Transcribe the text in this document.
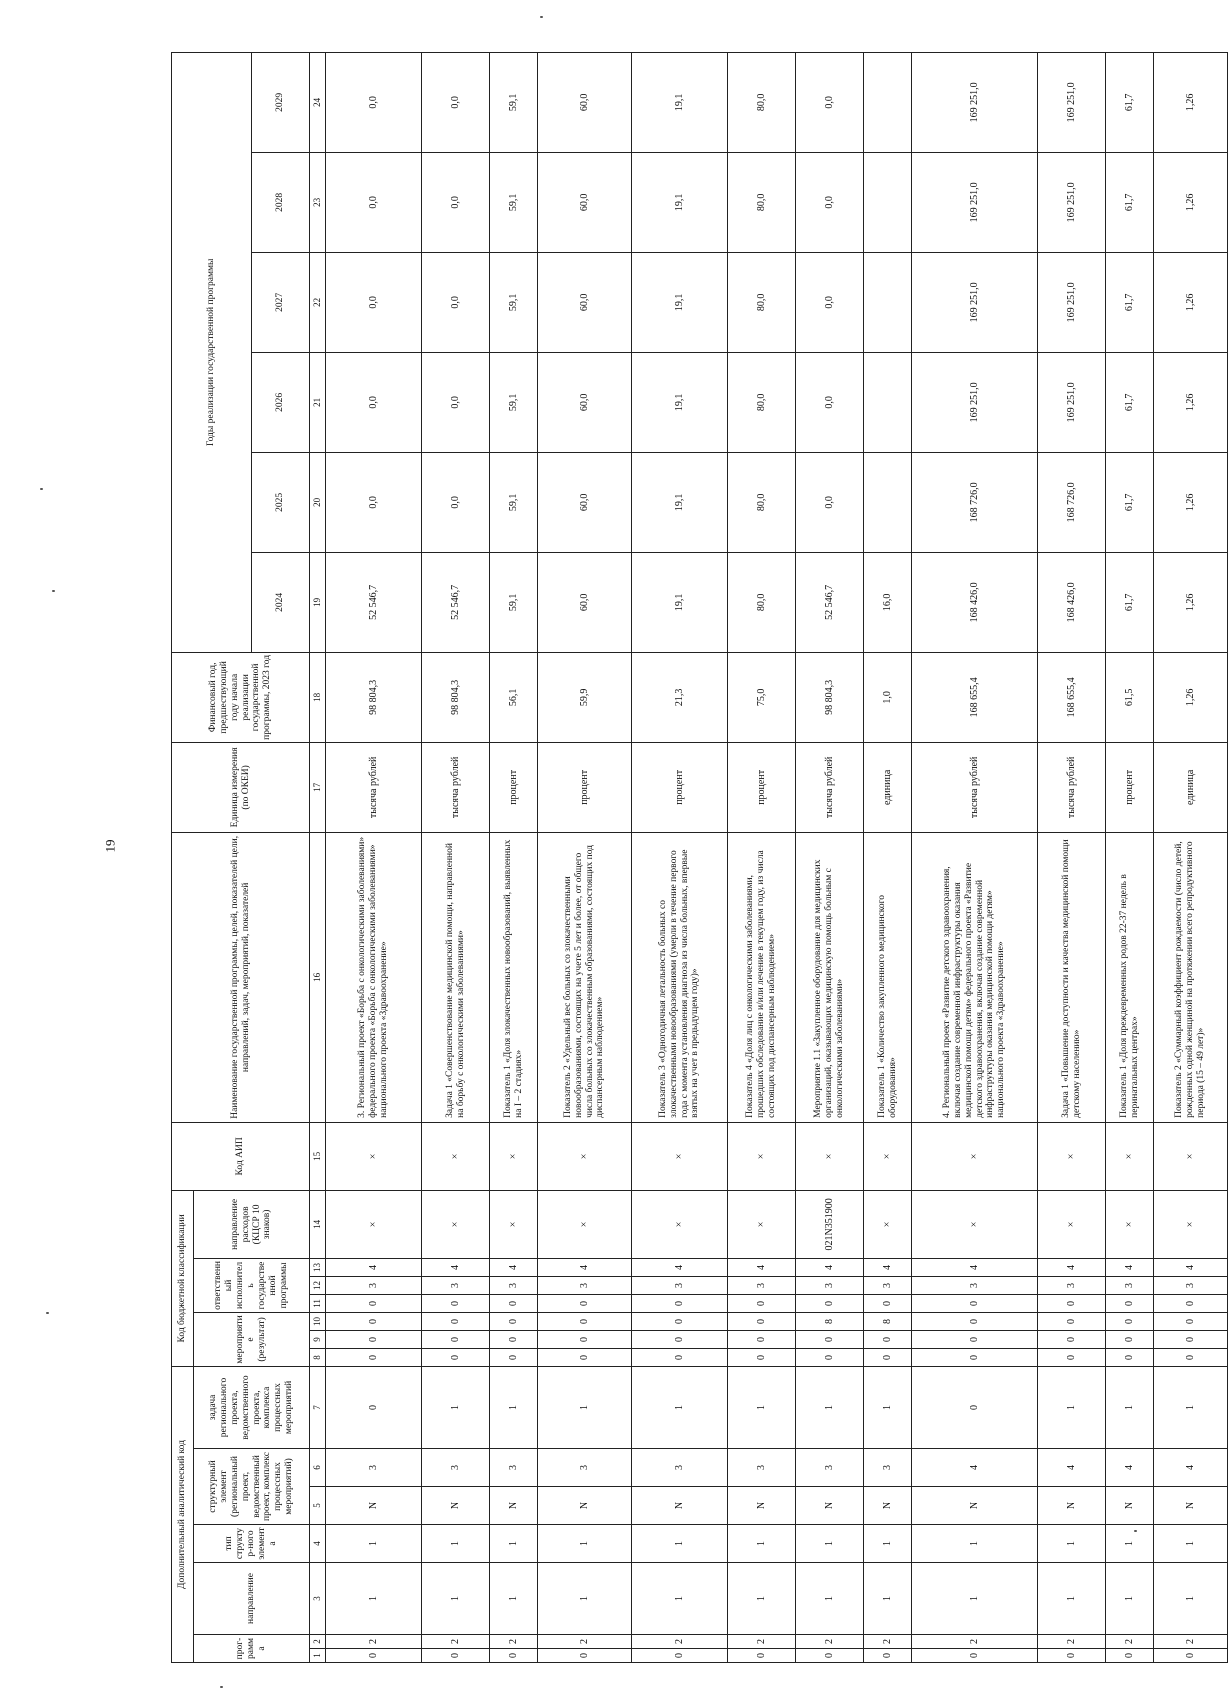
19
Дополнительный аналитический код							Код бюджетной классификации							Код АИП	Наименование государственной программы, целей, показателей цели, направлений, задач, мероприятий, показателей	Единица измерения (по ОКЕИ)	Финансовый год, предшествующий году начала реализации государственной программы, 2023 год	Годы реализации государственной программы					
прог-рамма		направление	тип структур-ного элемента	структурный элемент (региональный проект, ведомственный проект, комплекс процессных мероприятий)		задача регионального проекта, ведомственного проекта, комплекса процессных мероприятий	мероприятие (результат)			ответственный исполнитель государственной программы			направление расходов (КЦСР 10 знаков)										
																		2024	2025	2026	2027	2028	2029
1	2	3	4	5	6	7	8	9	10	11	12	13	14	15	16	17	18	19	20	21	22	23	24
0	2	1	1	N	3	0	0	0	0	0	3	4	×	×	3. Региональный проект «Борьба с онкологическими заболеваниями» федерального проекта «Борьба с онкологическими заболеваниями» национального проекта «Здравоохранение»	тысяча рублей	98 804,3	52 546,7	0,0	0,0	0,0	0,0	0,0
0	2	1	1	N	3	1	0	0	0	0	3	4	×	×	Задача 1 «Совершенствование медицинской помощи, направленной на борьбу с онкологическими заболеваниями»	тысяча рублей	98 804,3	52 546,7	0,0	0,0	0,0	0,0	0,0
0	2	1	1	N	3	1	0	0	0	0	3	4	×	×	Показатель 1 «Доля злокачественных новообразований, выявленных на I – 2 стадиях»	процент	56,1	59,1	59,1	59,1	59,1	59,1	59,1
0	2	1	1	N	3	1	0	0	0	0	3	4	×	×	Показатель 2 «Удельный вес больных со злокачественными новообразованиями, состоящих на учете 5 лет и более, от общего числа больных со злокачественным образованиями, состоящих под диспансерным наблюдением»	процент	59,9	60,0	60,0	60,0	60,0	60,0	60,0
0	2	1	1	N	3	1	0	0	0	0	3	4	×	×	Показатель 3 «Одногодичная летальность больных со злокачественными новообразованиями (умерли в течение первого года с момента установления диагноза из числа больных, впервые взятых на учет в предыдущем году)»	процент	21,3	19,1	19,1	19,1	19,1	19,1	19,1
0	2	1	1	N	3	1	0	0	0	0	3	4	×	×	Показатель 4 «Доля лиц с онкологическими заболеваниями, прошедших обследование и/или лечение в текущем году, из числа состоящих под диспансерным наблюдением»	процент	75,0	80,0	80,0	80,0	80,0	80,0	80,0
0	2	1	1	N	3	1	0	0	8	0	3	4	021N351900	×	Мероприятие 1.1 «Закупленное оборудование для медицинских организаций, оказывающих медицинскую помощь больным с онкологическими заболеваниями»	тысяча рублей	98 804,3	52 546,7	0,0	0,0	0,0	0,0	0,0
0	2	1	1	N	3	1	0	0	8	0	3	4	×	×	Показатель 1 «Количество закупленного медицинского оборудования»	единица	1,0	16,0					
0	2	1	1	N	4	0	0	0	0	0	3	4	×	×	4. Региональный проект «Развитие детского здравоохранения, включая создание современной инфраструктуры оказания медицинской помощи детям» федерального проекта «Развитие детского здравоохранения, включая создание современной инфраструктуры оказания медицинской помощи детям» национального проекта «Здравоохранение»	тысяча рублей	168 655,4	168 426,0	168 726,0	169 251,0	169 251,0	169 251,0	169 251,0
0	2	1	1	N	4	1	0	0	0	0	3	4	×	×	Задача 1 «Повышение доступности и качества медицинской помощи детскому населению»	тысяча рублей	168 655,4	168 426,0	168 726,0	169 251,0	169 251,0	169 251,0	169 251,0
0	2	1	1	N	4	1	0	0	0	0	3	4	×	×	Показатель 1 «Доля преждевременных родов 22-37 недель в перинатальных центрах»	процент	61,5	61,7	61,7	61,7	61,7	61,7	61,7
0	2	1	1	N	4	1	0	0	0	0	3	4	×	×	Показатель 2 «Суммарный коэффициент рождаемости (число детей, рожденных одной женщиной на протяжении всего репродуктивного периода (15 – 49 лет)»	единица	1,26	1,26	1,26	1,26	1,26	1,26	1,26
